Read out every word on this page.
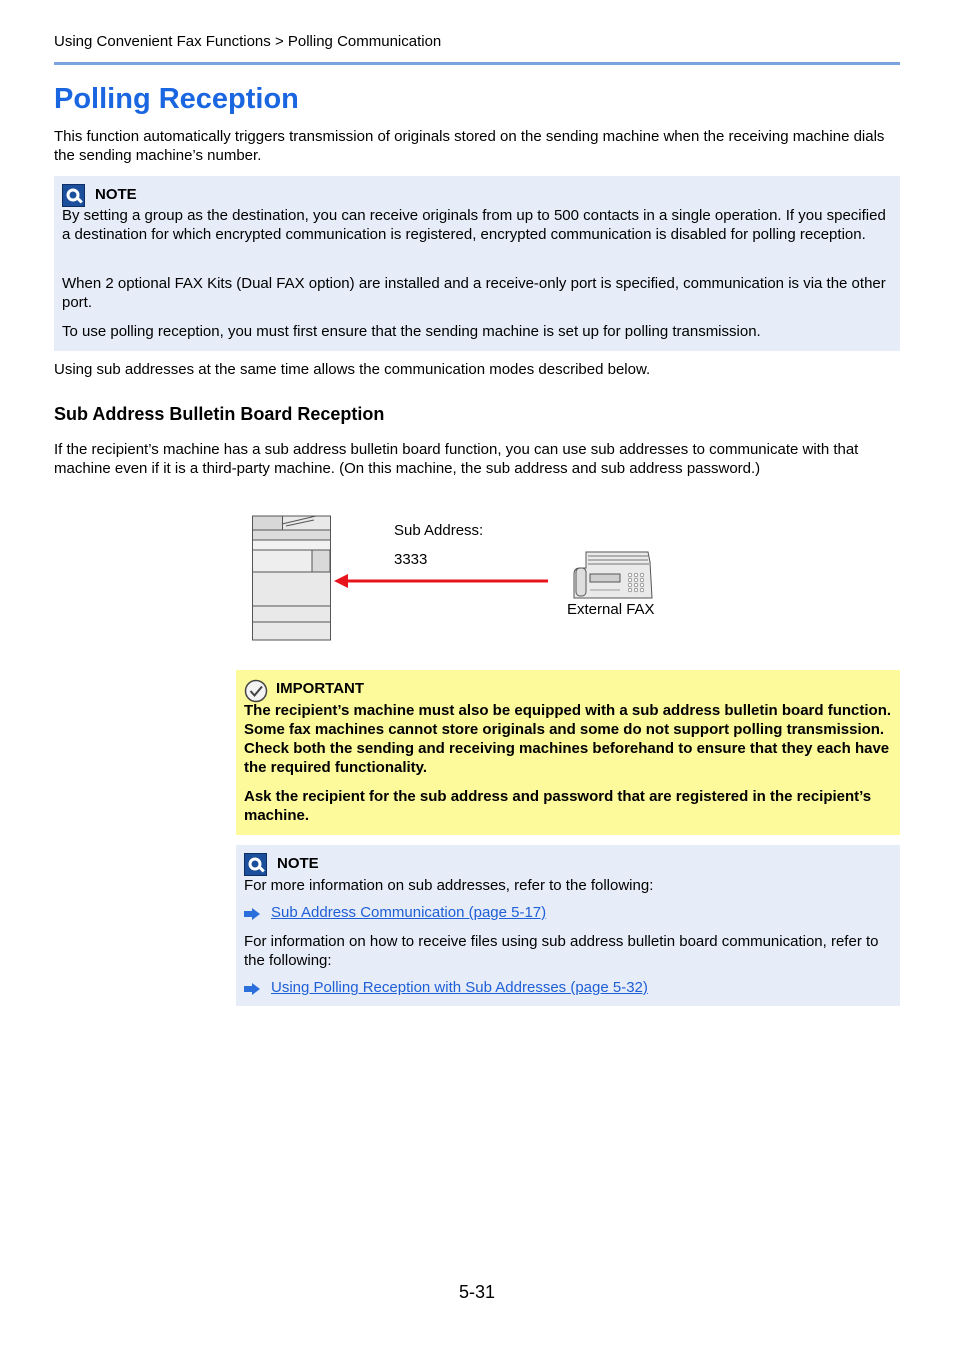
Using Convenient Fax Functions > Polling Communication
Polling Reception

This function automatically triggers transmission of originals stored on the sending machine when the receiving machine dials the sending machine’s number.

NOTE

By setting a group as the destination, you can receive originals from up to 500 contacts in a single operation. If you specified a destination for which encrypted communication is registered, encrypted communication is disabled for polling reception.

When 2 optional FAX Kits (Dual FAX option) are installed and a receive-only port is specified, communication is via the other port.

To use polling reception, you must first ensure that the sending machine is set up for polling transmission.

Using sub addresses at the same time allows the communication modes described below.

Sub Address Bulletin Board Reception

If the recipient’s machine has a sub address bulletin board function, you can use sub addresses to communicate with that machine even if it is a third-party machine. (On this machine, the sub address and sub address password.)

Sub Address:
3333
External FAX
IMPORTANT

The recipient’s machine must also be equipped with a sub address bulletin board function. Some fax machines cannot store originals and some do not support polling transmission. Check both the sending and receiving machines beforehand to ensure that they each have the required functionality.

Ask the recipient for the sub address and password that are registered in the recipient’s machine.

NOTE

For more information on sub addresses, refer to the following:

Sub Address Communication (page 5-17)

For information on how to receive files using sub address bulletin board communication, refer to the following:

Using Polling Reception with Sub Addresses (page 5-32)
5-31
